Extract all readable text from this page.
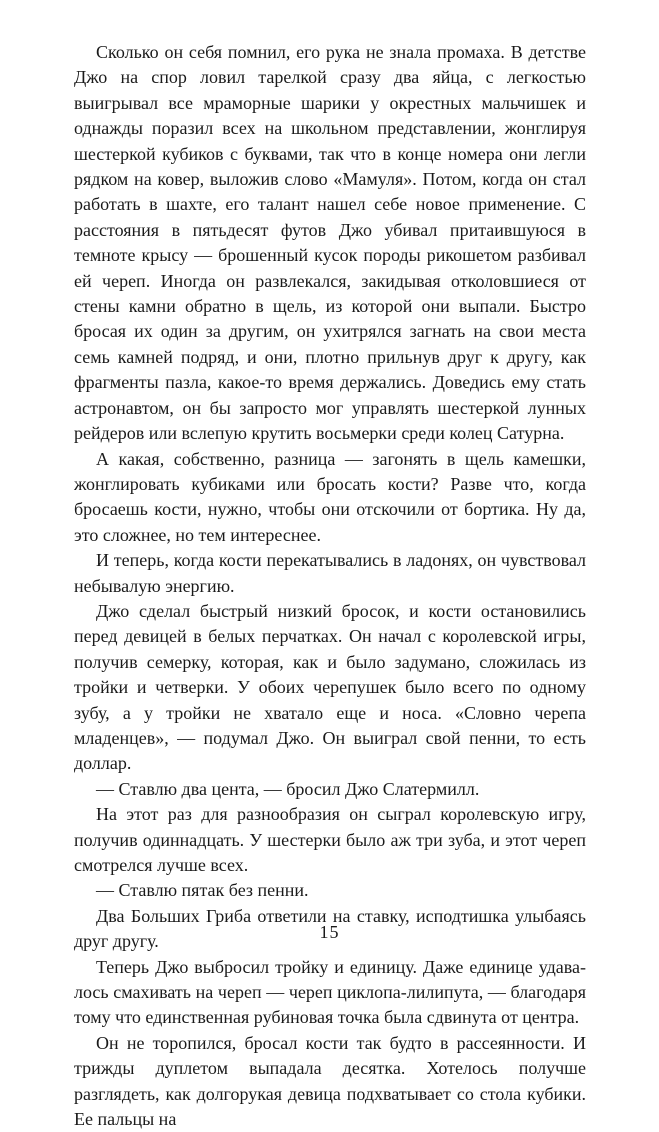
Сколько он себя помнил, его рука не знала промаха. В детстве Джо на спор ловил тарелкой сразу два яйца, с легкостью выигрывал все мраморные шарики у окрестных мальчишек и однажды поразил всех на школьном представлении, жонглируя шестеркой кубиков с буквами, так что в конце номера они легли рядком на ковер, выложив слово «Мамуля». Потом, когда он стал работать в шахте, его талант нашел себе новое применение. С расстояния в пятьдесят футов Джо убивал притаившуюся в темноте крысу — брошенный кусок породы рикошетом разбивал ей череп. Иногда он развлекался, закидывая отколовшиеся от стены камни обратно в щель, из которой они выпали. Быстро бросая их один за другим, он ухитрялся загнать на свои места семь камней подряд, и они, плотно прильнув друг к другу, как фрагменты пазла, какое-то время держались. Доведись ему стать астронавтом, он бы запросто мог управлять шестеркой лунных рейдеров или вслепую крутить восьмерки среди колец Сатурна.

А какая, собственно, разница — загонять в щель камешки, жонглировать кубиками или бросать кости? Разве что, когда бросаешь кости, нужно, чтобы они отскочили от бортика. Ну да, это сложнее, но тем интереснее.

И теперь, когда кости перекатывались в ладонях, он чувствовал небывалую энергию.

Джо сделал быстрый низкий бросок, и кости остановились перед девицей в белых перчатках. Он начал с королевской игры, получив семерку, которая, как и было задумано, сложилась из тройки и четверки. У обоих черепушек было всего по одному зубу, а у тройки не хватало еще и носа. «Словно черепа младенцев», — подумал Джо. Он выиграл свой пенни, то есть доллар.

— Ставлю два цента, — бросил Джо Слатермилл.

На этот раз для разнообразия он сыграл королевскую игру, получив одиннадцать. У шестерки было аж три зуба, и этот череп смотрелся лучше всех.

— Ставлю пятак без пенни.

Два Больших Гриба ответили на ставку, исподтишка улыбаясь друг другу.

Теперь Джо выбросил тройку и единицу. Даже единице удавалось смахивать на череп — череп циклопа-лилипута, — благодаря тому что единственная рубиновая точка была сдвинута от центра.

Он не торопился, бросал кости так будто в рассеянности. И трижды дуплетом выпадала десятка. Хотелось получше разглядеть, как долгорукая девица подхватывает со стола кубики. Ее пальцы на

15
